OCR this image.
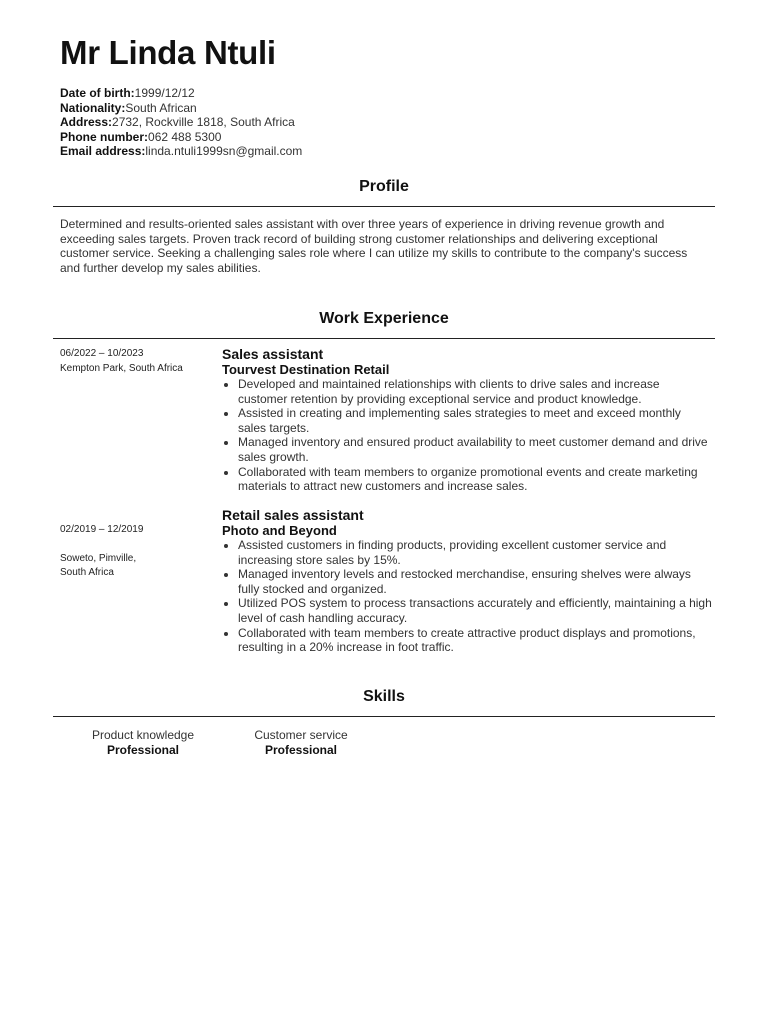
Mr Linda Ntuli
Date of birth:1999/12/12
Nationality:South African
Address:2732, Rockville 1818, South Africa
Phone number:062 488 5300
Email address:linda.ntuli1999sn@gmail.com
Profile
Determined and results-oriented sales assistant with over three years of experience in driving revenue growth and exceeding sales targets. Proven track record of building strong customer relationships and delivering exceptional customer service. Seeking a challenging sales role where I can utilize my skills to contribute to the company's success and further develop my sales abilities.
Work Experience
06/2022 – 10/2023
Kempton Park, South Africa
Sales assistant
Tourvest Destination Retail
• Developed and maintained relationships with clients to drive sales and increase customer retention by providing exceptional service and product knowledge.
• Assisted in creating and implementing sales strategies to meet and exceed monthly sales targets.
• Managed inventory and ensured product availability to meet customer demand and drive sales growth.
• Collaborated with team members to organize promotional events and create marketing materials to attract new customers and increase sales.

02/2019 – 12/2019

Soweto, Pimville,
South Africa

Retail sales assistant
Photo and Beyond
• Assisted customers in finding products, providing excellent customer service and increasing store sales by 15%.
• Managed inventory levels and restocked merchandise, ensuring shelves were always fully stocked and organized.
• Utilized POS system to process transactions accurately and efficiently, maintaining a high level of cash handling accuracy.
• Collaborated with team members to create attractive product displays and promotions, resulting in a 20% increase in foot traffic.
Skills
Product knowledge
Professional
Customer service
Professional
